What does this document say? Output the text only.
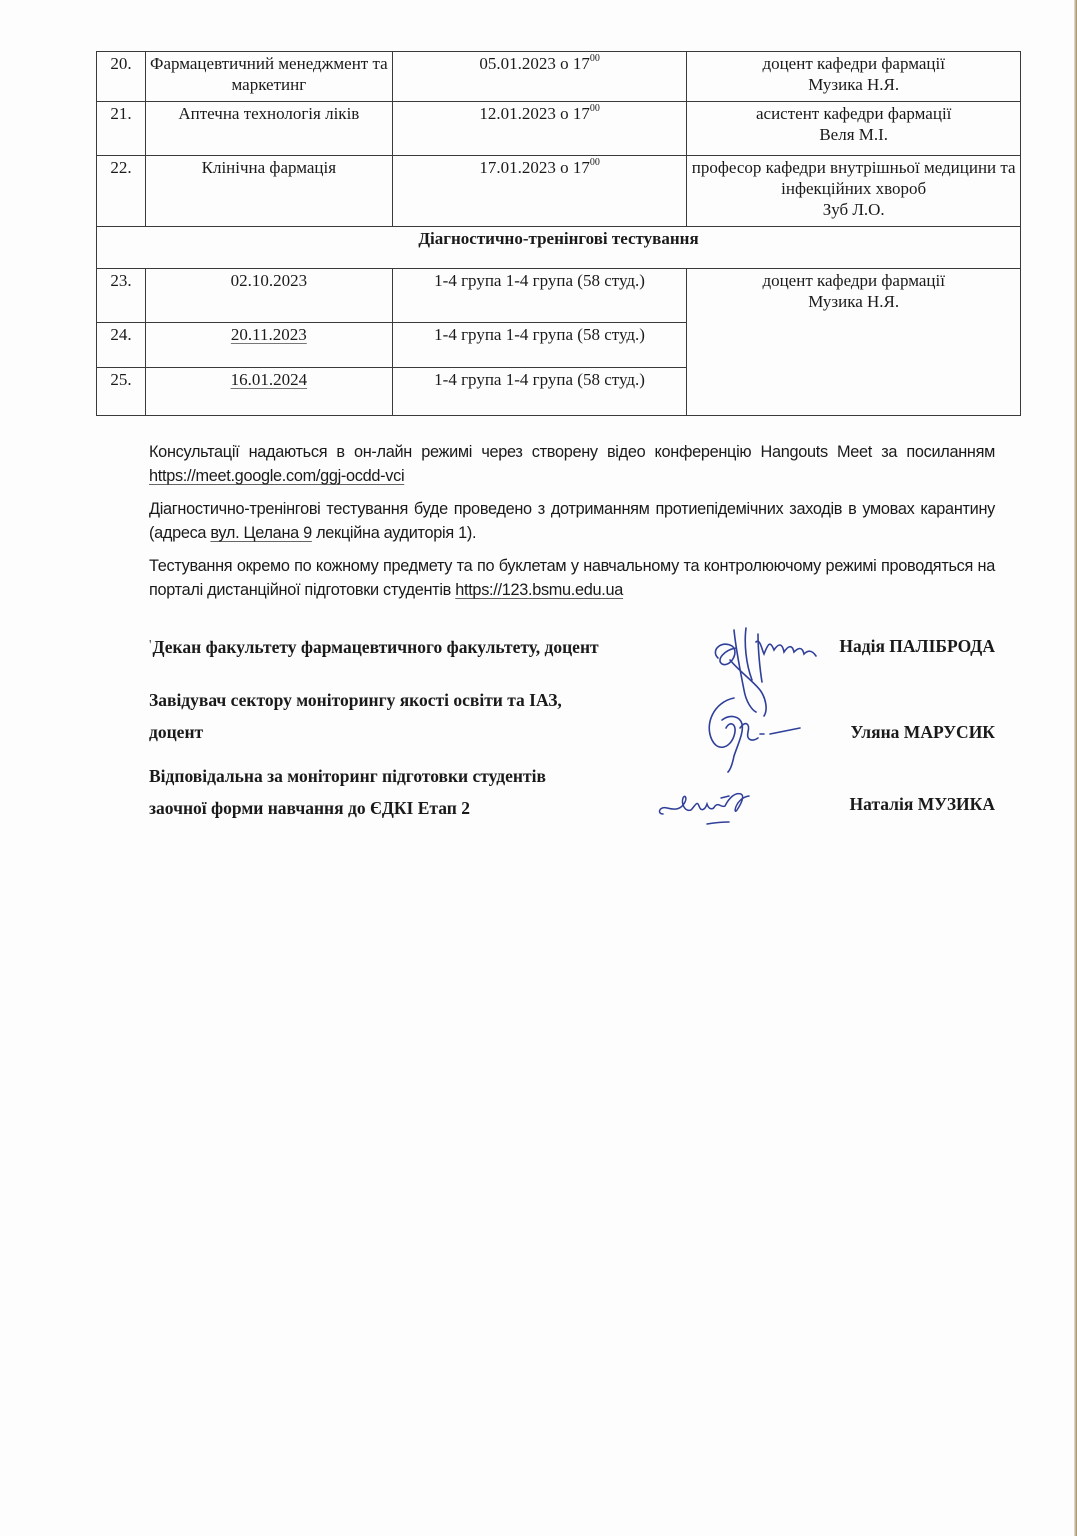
20.	Фармацевтичний менеджмент та маркетинг	05.01.2023 о $17^{00}$	доцент кафедри фармації
Музика Н.Я.

21.	Аптечна технологія ліків	12.01.2023 о $17^{00}$	асистент кафедри фармації
Веля М.І.

22.	Клінічна фармація	17.01.2023 о $17^{00}$	професор кафедри внутрішньої медицини та інфекційних хвороб
Зуб Л.О.

Діагностично-тренінгові тестування			
23.	02.10.2023	1-4 група 1-4 група (58 студ.)	доцент кафедри фармації
Музика Н.Я.

24.	20.11.2023	1-4 група 1-4 група (58 студ.)	
25.	16.01.2024	1-4 група 1-4 група (58 студ.)	

Консультації надаються в он-лайн режимі через створену відео конференцію Hangouts Meet за посиланням https://meet.google.com/ggj-ocdd-vci

Діагностично-тренінгові тестування буде проведено з дотриманням протиепідемічних заходів в умовах карантину (адреса вул. Целана 9 лекційна аудиторія 1).

Тестування окремо по кожному предмету та по буклетам у навчальному та контролюючому режимі проводяться на порталі дистанційної підготовки студентів https://123.bsmu.edu.ua

'Декан факультету фармацевтичного факультету, доцент	Надія ПАЛІБРОДА
Завідувач сектору моніторингу якості освіти та ІАЗ,
доцент	Уляна МАРУСИК
Відповідальна за моніторинг підготовки студентів
заочної форми навчання до ЄДКІ Етап 2	Наталія МУЗИКА
